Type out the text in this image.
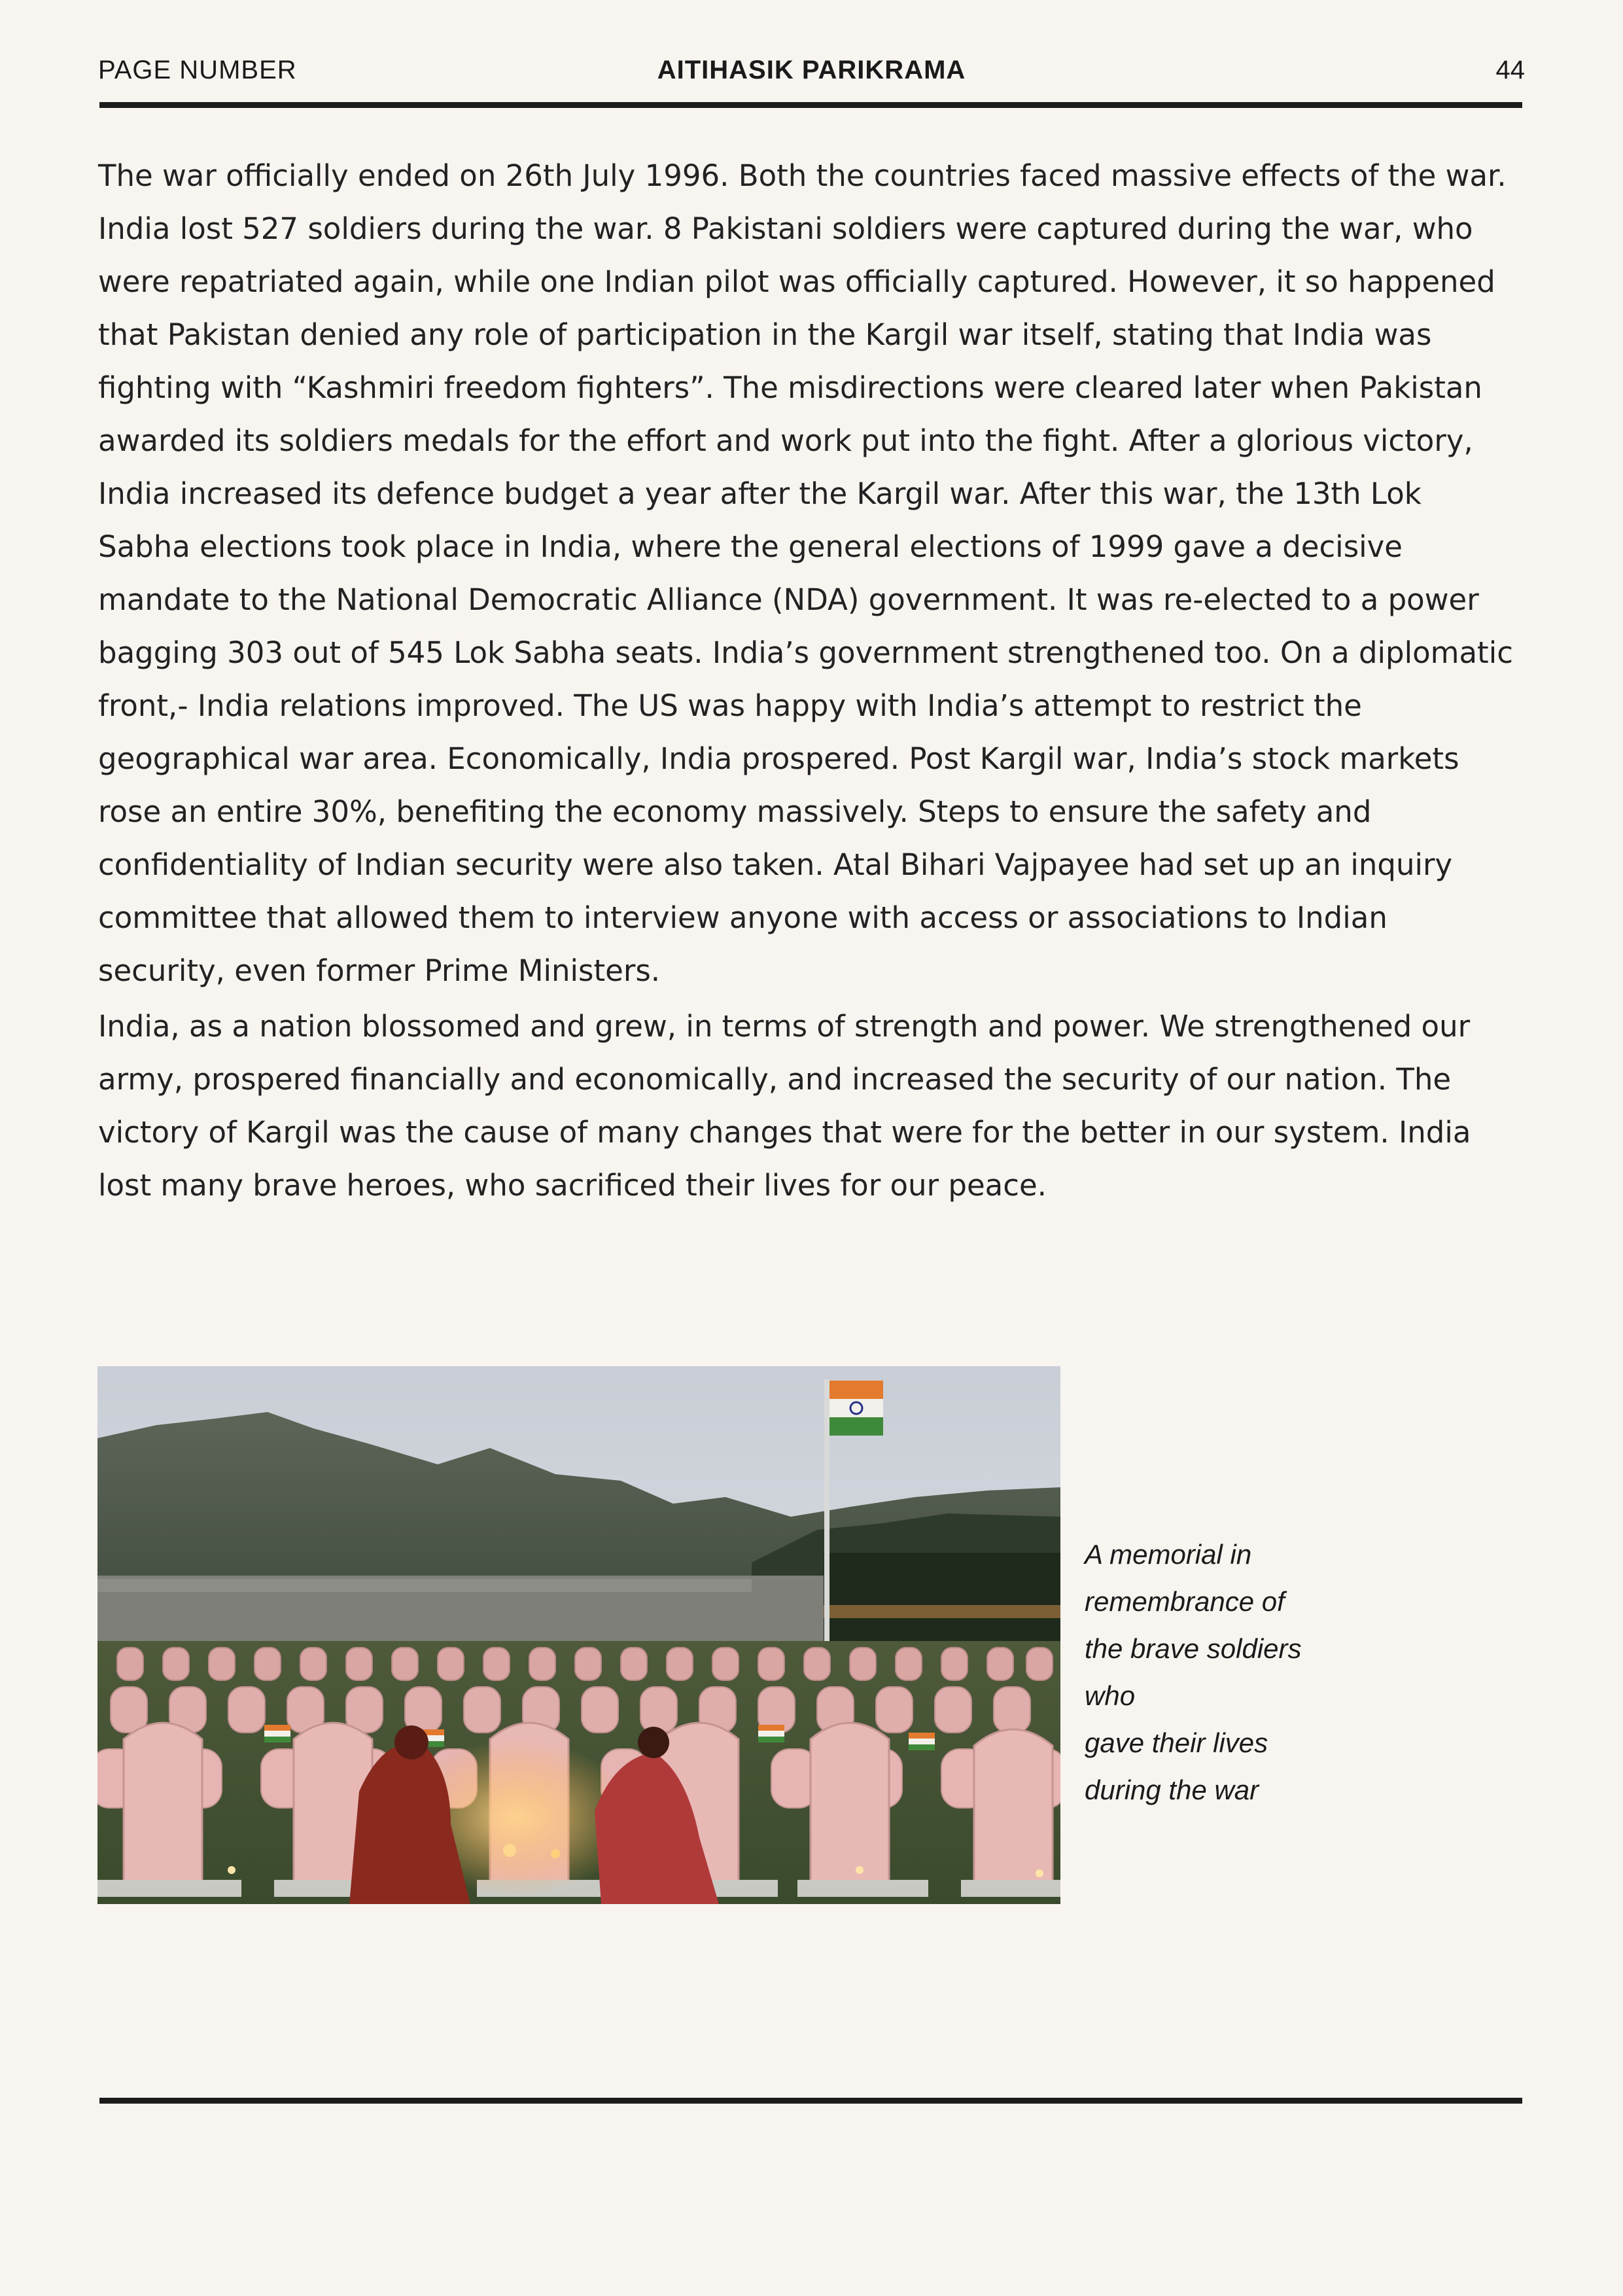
PAGE NUMBER	AITIHASIK PARIKRAMA	44

The war officially ended on 26th July 1996. Both the countries faced massive effects of the war. India lost 527 soldiers during the war. 8 Pakistani soldiers were captured during the war, who were repatriated again, while one Indian pilot was officially captured. However, it so happened that Pakistan denied any role of participation in the Kargil war itself, stating that India was fighting with “Kashmiri freedom fighters”. The misdirections were cleared later when Pakistan awarded its soldiers medals for the effort and work put into the fight. After a glorious victory, India increased its defence budget a year after the Kargil war. After this war, the 13th Lok Sabha elections took place in India, where the general elections of 1999 gave a decisive mandate to the National Democratic Alliance (NDA) government. It was re-elected to a power bagging 303 out of 545 Lok Sabha seats. India’s government strengthened too. On a diplomatic front,- India relations improved. The US was happy with India’s attempt to restrict the geographical war area. Economically, India prospered. Post Kargil war, India’s stock markets rose an entire 30%, benefiting the economy massively. Steps to ensure the safety and confidentiality of Indian security were also taken. Atal Bihari Vajpayee had set up an inquiry committee that allowed them to interview anyone with access or associations to Indian security, even former Prime Ministers.

India, as a nation blossomed and grew, in terms of strength and power. We strengthened our army, prospered financially and economically, and increased the security of our nation. The victory of Kargil was the cause of many changes that were for the better in our system. India lost many brave heroes, who sacrificed their lives for our peace.

A memorial in
remembrance of
the brave soldiers
who
gave their lives
during the war
